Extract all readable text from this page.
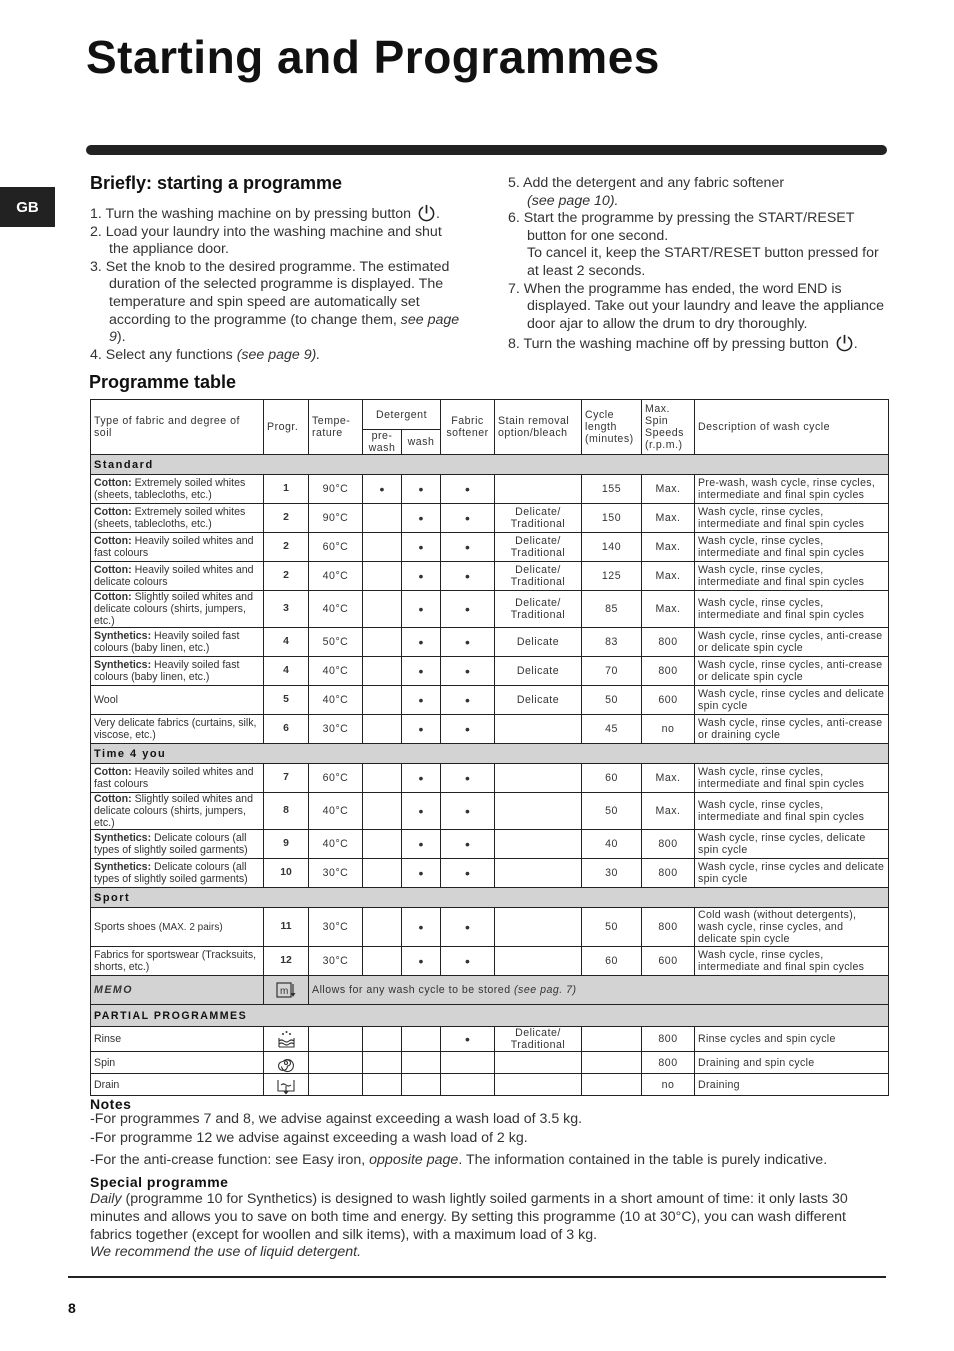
Starting and Programmes
GB
Briefly: starting a programme
1. Turn the washing machine on by pressing button .
2. Load your laundry into the washing machine and shut the appliance door.
3. Set the knob to the desired programme. The estimated duration of the selected programme is displayed. The temperature and spin speed are automatically set according to the programme (to change them, see page 9).
4. Select any functions (see page 9).
5. Add the detergent and any fabric softener
(see page 10).
6. Start the programme by pressing the START/RESET button for one second.
To cancel it, keep the START/RESET button pressed for at least 2 seconds.
7. When the programme has ended, the word END is displayed. Take out your laundry and leave the appliance door ajar to allow the drum to dry thoroughly.
8. Turn the washing machine off by pressing button .
Programme table
Type of fabric and degree of soil	Progr.	Tempe-rature	Detergent		Fabric softener	Stain removal option/bleach	Cycle length (minutes)	Max. Spin Speeds (r.p.m.)	Description of wash cycle
			pre-wash	wash					
Standard									
Cotton: Extremely soiled whites (sheets, tablecloths, etc.)	1	90°C	•	•	•		155	Max.	Pre-wash, wash cycle, rinse cycles, intermediate and final spin cycles
Cotton: Extremely soiled whites (sheets, tablecloths, etc.)	2	90°C		•	•	Delicate/ Traditional	150	Max.	Wash cycle, rinse cycles, intermediate and final spin cycles
Cotton: Heavily soiled whites and fast colours	2	60°C		•	•	Delicate/ Traditional	140	Max.	Wash cycle, rinse cycles, intermediate and final spin cycles
Cotton: Heavily soiled whites and delicate colours	2	40°C		•	•	Delicate/ Traditional	125	Max.	Wash cycle, rinse cycles, intermediate and final spin cycles
Cotton: Slightly soiled whites and delicate colours (shirts, jumpers, etc.)	3	40°C		•	•	Delicate/ Traditional	85	Max.	Wash cycle, rinse cycles, intermediate and final spin cycles
Synthetics: Heavily soiled fast colours (baby linen, etc.)	4	50°C		•	•	Delicate	83	800	Wash cycle, rinse cycles, anti-crease or delicate spin cycle
Synthetics: Heavily soiled fast colours (baby linen, etc.)	4	40°C		•	•	Delicate	70	800	Wash cycle, rinse cycles, anti-crease or delicate spin cycle
Wool	5	40°C		•	•	Delicate	50	600	Wash cycle, rinse cycles and delicate spin cycle
Very delicate fabrics (curtains, silk, viscose, etc.)	6	30°C		•	•		45	no	Wash cycle, rinse cycles, anti-crease or draining cycle
Time 4 you									
Cotton: Heavily soiled whites and fast colours	7	60°C		•	•		60	Max.	Wash cycle, rinse cycles, intermediate and final spin cycles
Cotton: Slightly soiled whites and delicate colours (shirts, jumpers, etc.)	8	40°C		•	•		50	Max.	Wash cycle, rinse cycles, intermediate and final spin cycles
Synthetics: Delicate colours (all types of slightly soiled garments)	9	40°C		•	•		40	800	Wash cycle, rinse cycles, delicate spin cycle
Synthetics: Delicate colours (all types of slightly soiled garments)	10	30°C		•	•		30	800	Wash cycle, rinse cycles and delicate spin cycle
Sport									
Sports shoes (MAX. 2 pairs)	11	30°C		•	•		50	800	Cold wash (without detergents), wash cycle, rinse cycles, and delicate spin cycle
Fabrics for sportswear (Tracksuits, shorts, etc.)	12	30°C		•	•		60	600	Wash cycle, rinse cycles, intermediate and final spin cycles
MEMO	m	Allows for any wash cycle to be stored (see pag. 7)							
PARTIAL PROGRAMMES									
Rinse					•	Delicate/ Traditional		800	Rinse cycles and spin cycle
Spin								800	Draining and spin cycle
Drain								no	Draining
Notes
-For programmes 7 and 8, we advise against exceeding a wash load of 3.5 kg.
-For programme 12 we advise against exceeding a wash load of 2 kg.
-For the anti-crease function: see Easy iron, opposite page. The information contained in the table is purely indicative.
Special programme
Daily (programme 10 for Synthetics) is designed to wash lightly soiled garments in a short amount of time: it only lasts 30 minutes and allows you to save on both time and energy. By setting this programme (10 at 30°C), you can wash different fabrics together (except for woollen and silk items), with a maximum load of 3 kg.
We recommend the use of liquid detergent.
8
